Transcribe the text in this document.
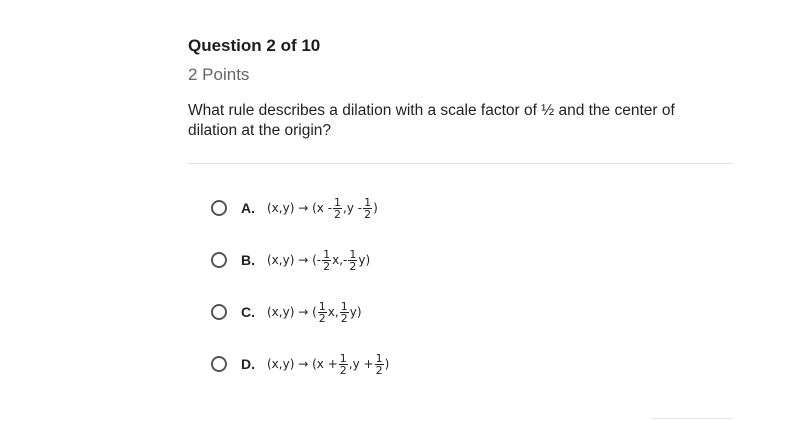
Question 2 of 10
2 Points
What rule describes a dilation with a scale factor of ½ and the center of dilation at the origin?
A.	(x,y)
→
($x - \frac{1}{2} ,y - \frac{1}{2}$ )
B.	(x,y)
→
(- $\frac{1}{2} x,- \frac{1}{2} y$)
C.	(x,y)
→
( $\frac{1}{2} x$, $\frac{1}{2} y$)
D.	(x,y)
→
($x + \frac{1}{2} ,y + \frac{1}{2}$ )
